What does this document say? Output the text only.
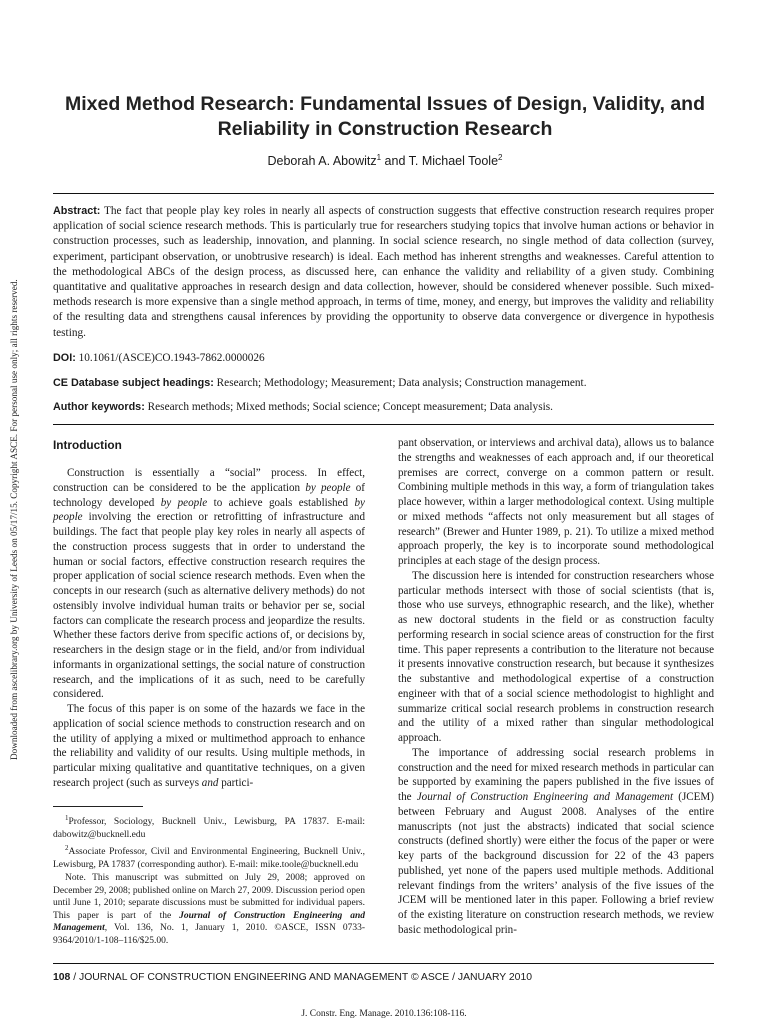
Downloaded from ascelibrary.org by University of Leeds on 05/17/15. Copyright ASCE. For personal use only; all rights reserved.
Mixed Method Research: Fundamental Issues of Design, Validity, and Reliability in Construction Research
Deborah A. Abowitz$^1$ and T. Michael Toole$^2$
Abstract: The fact that people play key roles in nearly all aspects of construction suggests that effective construction research requires proper application of social science research methods. This is particularly true for researchers studying topics that involve human actions or behavior in construction processes, such as leadership, innovation, and planning. In social science research, no single method of data collection (survey, experiment, participant observation, or unobtrusive research) is ideal. Each method has inherent strengths and weaknesses. Careful attention to the methodological ABCs of the design process, as discussed here, can enhance the validity and reliability of a given study. Combining quantitative and qualitative approaches in research design and data collection, however, should be considered whenever possible. Such mixed-methods research is more expensive than a single method approach, in terms of time, money, and energy, but improves the validity and reliability of the resulting data and strengthens causal inferences by providing the opportunity to observe data convergence or divergence in hypothesis testing.
DOI: 10.1061/(ASCE)CO.1943-7862.0000026
CE Database subject headings: Research; Methodology; Measurement; Data analysis; Construction management.
Author keywords: Research methods; Mixed methods; Social science; Concept measurement; Data analysis.
Introduction

Construction is essentially a “social” process. In effect, construction can be considered to be the application by people of technology developed by people to achieve goals established by people involving the erection or retrofitting of infrastructure and buildings. The fact that people play key roles in nearly all aspects of the construction process suggests that in order to understand the human or social factors, effective construction research requires the proper application of social science research methods. Even when the concepts in our research (such as alternative delivery methods) do not ostensibly involve individual human traits or behavior per se, social factors can complicate the research process and jeopardize the results. Whether these factors derive from specific actions of, or decisions by, researchers in the design stage or in the field, and/or from individual informants in organizational settings, the social nature of construction research, and the implications of it as such, need to be carefully considered.

The focus of this paper is on some of the hazards we face in the application of social science methods to construction research and on the utility of applying a mixed or multimethod approach to enhance the reliability and validity of our results. Using multiple methods, in particular mixing qualitative and quantitative techniques, on a given research project (such as surveys and partici-

pant observation, or interviews and archival data), allows us to balance the strengths and weaknesses of each approach and, if our theoretical premises are correct, converge on a common pattern or result. Combining multiple methods in this way, a form of triangulation takes place however, within a larger methodological context. Using multiple or mixed methods “affects not only measurement but all stages of research” (Brewer and Hunter 1989, p. 21). To utilize a mixed method approach properly, the key is to incorporate sound methodological principles at each stage of the design process.

The discussion here is intended for construction researchers whose particular methods intersect with those of social scientists (that is, those who use surveys, ethnographic research, and the like), whether as new doctoral students in the field or as construction faculty performing research in social science areas of construction for the first time. This paper represents a contribution to the literature not because it presents innovative construction research, but because it synthesizes the substantive and methodological expertise of a construction engineer with that of a social science methodologist to highlight and summarize critical social research problems in construction research and the utility of a mixed rather than singular methodological approach.

The importance of addressing social research problems in construction and the need for mixed research methods in particular can be supported by examining the papers published in the five issues of the Journal of Construction Engineering and Management (JCEM) between February and August 2008. Analyses of the entire manuscripts (not just the abstracts) indicated that social science constructs (defined shortly) were either the focus of the paper or were key parts of the background discussion for 22 of the 43 papers published, yet none of the papers used multiple methods. Additional relevant findings from the writers’ analysis of the five issues of the JCEM will be mentioned later in this paper. Following a brief review of the existing literature on construction research methods, we review basic methodological prin-

$^1$Professor, Sociology, Bucknell Univ., Lewisburg, PA 17837. E-mail: dabowitz@bucknell.edu

$^2$Associate Professor, Civil and Environmental Engineering, Bucknell Univ., Lewisburg, PA 17837 (corresponding author). E-mail: mike.toole@bucknell.edu

Note. This manuscript was submitted on July 29, 2008; approved on December 29, 2008; published online on March 27, 2009. Discussion period open until June 1, 2010; separate discussions must be submitted for individual papers. This paper is part of the Journal of Construction Engineering and Management, Vol. 136, No. 1, January 1, 2010. ©ASCE, ISSN 0733-9364/2010/1-108–116/$25.00.

108 / JOURNAL OF CONSTRUCTION ENGINEERING AND MANAGEMENT © ASCE / JANUARY 2010
J. Constr. Eng. Manage. 2010.136:108-116.
